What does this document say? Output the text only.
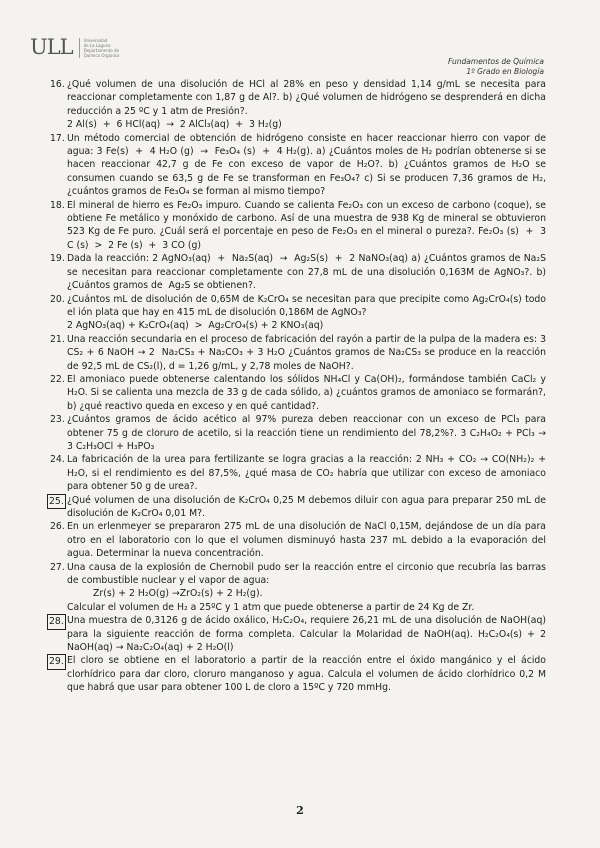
ULL	Universidad
de La Laguna
Departamento de
Química Orgánica
Fundamentos de Química
1º Grado en Biología
16. ¿Qué volumen de una disolución de HCl al 28% en peso y densidad 1,14 g/mL se necesita para reaccionar completamente con 1,87 g de Al?. b) ¿Qué volumen de hidrógeno se desprenderá en dicha reducción a 25 ºC y 1 atm de Presión?.
2 Al(s)  +  6 HCl(aq)  →  2 AlCl₃(aq)  +  3 H₂(g)
17. Un método comercial de obtención de hidrógeno consiste en hacer reaccionar hierro con vapor de agua: 3 Fe(s)  +  4 H₂O (g)  →  Fe₃O₄ (s)  +  4 H₂(g). a) ¿Cuántos moles de H₂ podrían obtenerse si se hacen reaccionar 42,7 g de Fe con exceso de vapor de H₂O?. b) ¿Cuántos gramos de H₂O se consumen cuando se 63,5 g de Fe se transforman en Fe₃O₄? c) Si se producen 7,36 gramos de H₂, ¿cuántos gramos de Fe₃O₄ se forman al mismo tiempo?
18. El mineral de hierro es Fe₂O₃ impuro. Cuando se calienta Fe₂O₃ con un exceso de carbono (coque), se obtiene Fe metálico y monóxido de carbono. Así de una muestra de 938 Kg de mineral se obtuvieron 523 Kg de Fe puro. ¿Cuál será el porcentaje en peso de Fe₂O₃ en el mineral o pureza?. Fe₂O₃ (s)  +  3 C (s)  >  2 Fe (s)  +  3 CO (g)
19. Dada la reacción: 2 AgNO₃(aq)  +  Na₂S(aq)  →  Ag₂S(s)  +  2 NaNO₃(aq) a) ¿Cuántos gramos de Na₂S se necesitan para reaccionar completamente con 27,8 mL de una disolución 0,163M de AgNO₃?. b) ¿Cuántos gramos de  Ag₂S se obtienen?.
20. ¿Cuántos mL de disolución de 0,65M de K₂CrO₄ se necesitan para que precipite como Ag₂CrO₄(s) todo el ión plata que hay en 415 mL de disolución 0,186M de AgNO₃?
2 AgNO₃(aq) + K₂CrO₄(aq)  >  Ag₂CrO₄(s) + 2 KNO₃(aq)
21. Una reacción secundaria en el proceso de fabricación del rayón a partir de la pulpa de la madera es: 3 CS₂ + 6 NaOH → 2  Na₂CS₃ + Na₂CO₃ + 3 H₂O ¿Cuántos gramos de Na₂CS₃ se produce en la reacción de 92,5 mL de CS₂(l), d = 1,26 g/mL, y 2,78 moles de NaOH?.
22. El amoniaco puede obtenerse calentando los sólidos NH₄Cl y Ca(OH)₂, formándose también CaCl₂ y H₂O. Si se calienta una mezcla de 33 g de cada sólido, a) ¿cuántos gramos de amoniaco se formarán?, b) ¿qué reactivo queda en exceso y en qué cantidad?.
23. ¿Cuántos gramos de ácido acético al 97% pureza deben reaccionar con un exceso de PCl₃ para obtener 75 g de cloruro de acetilo, si la reacción tiene un rendimiento del 78,2%?. 3 C₂H₄O₂ + PCl₃ → 3 C₂H₃OCl + H₃PO₃
24. La fabricación de la urea para fertilizante se logra gracias a la reacción: 2 NH₃ + CO₂ → CO(NH₂)₂ + H₂O, si el rendimiento es del 87,5%, ¿qué masa de CO₂ habría que utilizar con exceso de amoniaco para obtener 50 g de urea?.
25. ¿Qué volumen de una disolución de K₂CrO₄ 0,25 M debemos diluir con agua para preparar 250 mL de disolución de K₂CrO₄ 0,01 M?.
26. En un erlenmeyer se prepararon 275 mL de una disolución de NaCl 0,15M, dejándose de un día para otro en el laboratorio con lo que el volumen disminuyó hasta 237 mL debido a la evaporación del agua. Determinar la nueva concentración.
27. Una causa de la explosión de Chernobil pudo ser la reacción entre el circonio que recubría las barras de combustible nuclear y el vapor de agua:
Zr(s) + 2 H₂O(g) →ZrO₂(s) + 2 H₂(g).
Calcular el volumen de H₂ a 25ºC y 1 atm que puede obtenerse a partir de 24 Kg de Zr.
28. Una muestra de 0,3126 g de ácido oxálico, H₂C₂O₄, requiere 26,21 mL de una disolución de NaOH(aq) para la siguiente reacción de forma completa. Calcular la Molaridad de NaOH(aq). H₂C₂O₄(s) + 2 NaOH(aq) → Na₂C₂O₄(aq) + 2 H₂O(l)
29. El cloro se obtiene en el laboratorio a partir de la reacción entre el óxido mangánico y el ácido clorhídrico para dar cloro, cloruro manganoso y agua. Calcula el volumen de ácido clorhídrico 0,2 M que habrá que usar para obtener 100 L de cloro a 15ºC y 720 mmHg.
2
